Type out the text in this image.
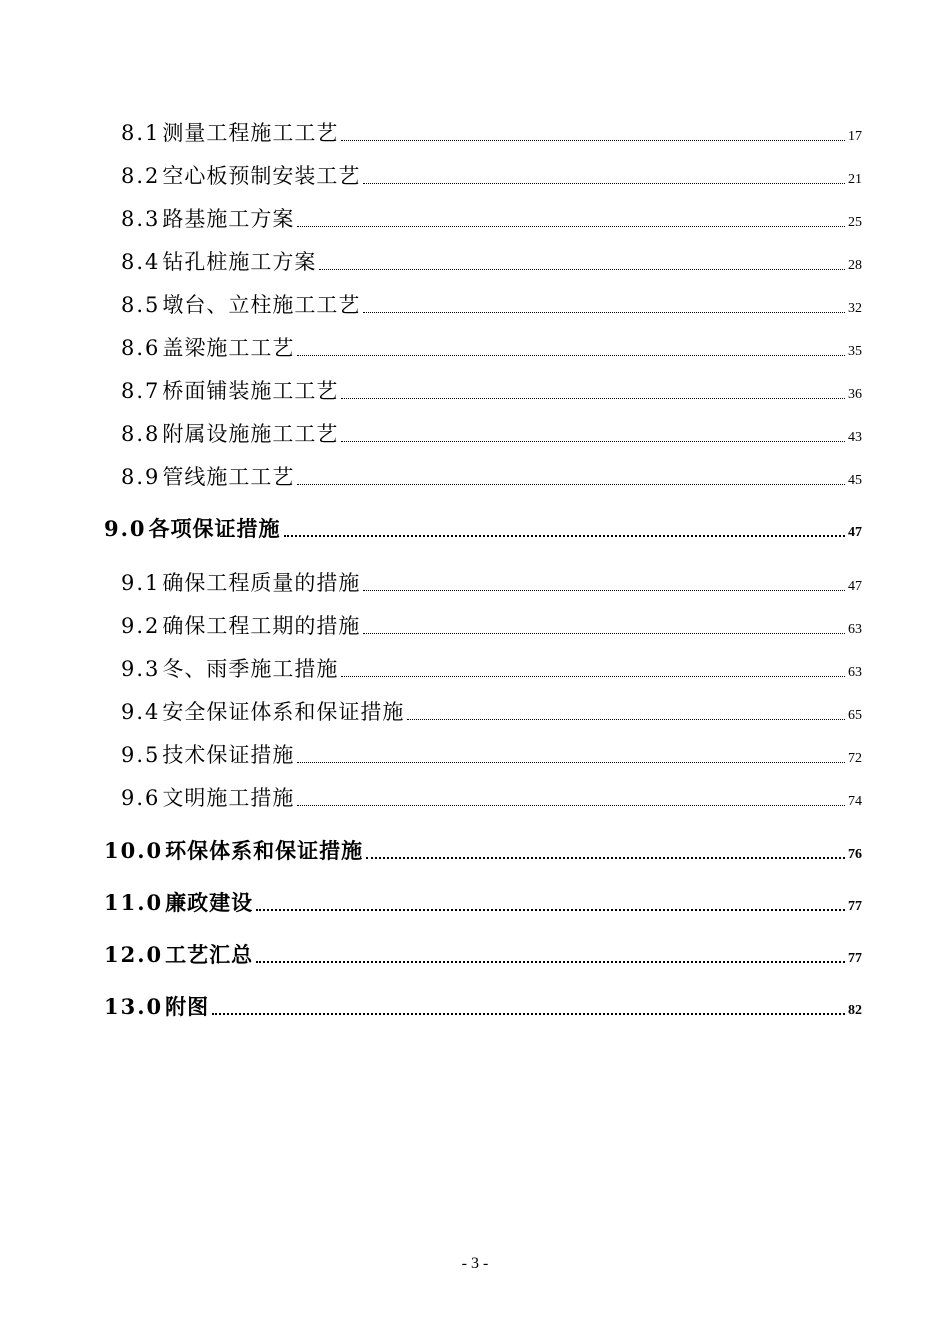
8.1 测量工程施工工艺	17
8.2 空心板预制安装工艺	21
8.3 路基施工方案	25
8.4 钻孔桩施工方案	28
8.5 墩台、立柱施工工艺	32
8.6 盖梁施工工艺	35
8.7 桥面铺装施工工艺	36
8.8 附属设施施工工艺	43
8.9 管线施工工艺	45
9.0 各项保证措施	47
9.1 确保工程质量的措施	47
9.2 确保工程工期的措施	63
9.3 冬、雨季施工措施	63
9.4 安全保证体系和保证措施	65
9.5 技术保证措施	72
9.6 文明施工措施	74
10.0 环保体系和保证措施	76
11.0 廉政建设	77
12.0 工艺汇总	77
13.0 附图	82
- 3 -
